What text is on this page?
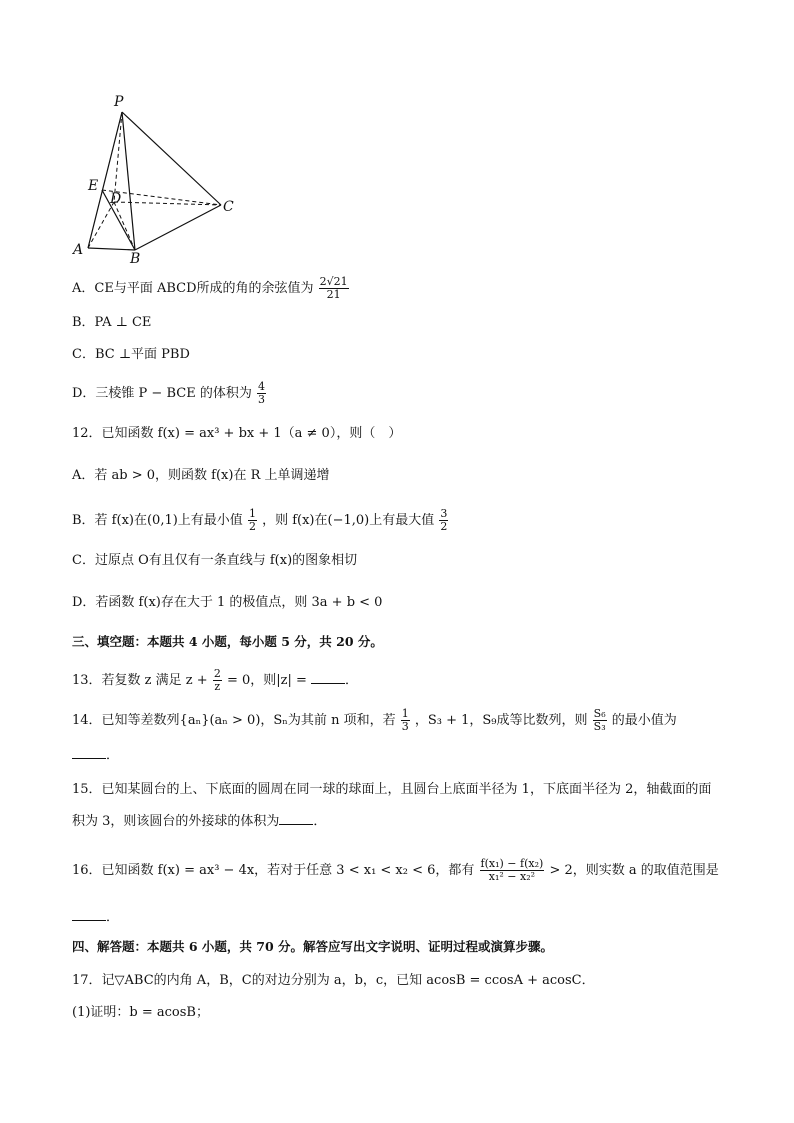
P
E
D	C
A
B
A．CE与平面 ABCD所成的角的余弦值为 $\frac{2√21}{21}$
B．PA ⊥ CE
C．BC ⊥平面 PBD
D．三棱锥 P − BCE 的体积为 $\frac{4}{3}$
12．已知函数 f(x) = ax³ + bx + 1（a ≠ 0），则（　）
A．若 ab > 0，则函数 f(x)在 R 上单调递增
B．若 f(x)在(0,1)上有最小值 $\frac{1}{2}$ ，则 f(x)在(−1,0)上有最大值 $\frac{3}{2}$
C．过原点 O有且仅有一条直线与 f(x)的图象相切
D．若函数 f(x)存在大于 1 的极值点，则 3a + b < 0
三、填空题：本题共 4 小题，每小题 5 分，共 20 分。
13．若复数 z 满足 $z + \frac{2}{z} = 0$，则|z| =	．
14．已知等差数列{aₙ}(aₙ > 0)，Sₙ为其前 n 项和，若 $\frac{1}{3}$ ，S₃ + 1，S₉成等比数列，则 $\frac{\text{S₆}}{\text{S₃}}$ 的最小值为
．
15．已知某圆台的上、下底面的圆周在同一球的球面上，且圆台上底面半径为 1，下底面半径为 2，轴截面的面积为 3，则该圆台的外接球的体积为	．
16．已知函数 f(x) = ax³ − 4x，若对于任意 3 < x₁ < x₂ < 6，都有 $\frac{\text{f(x₁) − f(x₂)}}{\text{x₁² − x₂²}} > 2$，则实数 a 的取值范围是
．
四、解答题：本题共 6 小题，共 70 分。解答应写出文字说明、证明过程或演算步骤。
17．记▽ABC的内角 A，B，C的对边分别为 a，b，c，已知 acosB = ccosA + acosC．
(1)证明：b = acosB；
